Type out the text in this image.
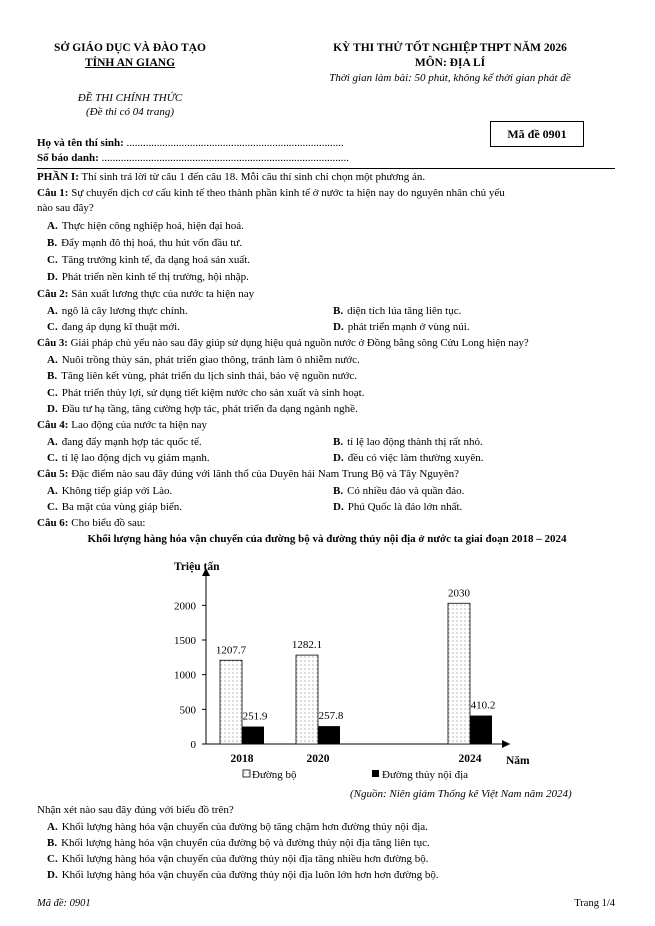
SỞ GIÁO DỤC VÀ ĐÀO TẠO
TỈNH AN GIANG
ĐỀ THI CHÍNH THỨC
(Đề thi có 04 trang)
KỲ THI THỬ TỐT NGHIỆP THPT NĂM 2026
MÔN: ĐỊA LÍ
Thời gian làm bài: 50 phút, không kể thời gian phát đề
Mã đề 0901
Họ và tên thí sinh: ...............................................................................
Số báo danh: ..........................................................................................
PHẦN I: Thí sinh trả lời từ câu 1 đến câu 18. Mỗi câu thí sinh chỉ chọn một phương án.
Câu 1: Sự chuyển dịch cơ cấu kinh tế theo thành phần kinh tế ở nước ta hiện nay do nguyên nhân chủ yếu
nào sau đây?
A. Thực hiện công nghiệp hoá, hiện đại hoá.
B. Đẩy mạnh đô thị hoá, thu hút vốn đầu tư.
C. Tăng trưởng kinh tế, đa dạng hoá sản xuất.
D. Phát triển nền kinh tế thị trường, hội nhập.
Câu 2: Sản xuất lương thực của nước ta hiện nay
A. ngô là cây lương thực chính.	B. diện tích lúa tăng liên tục.
C. đang áp dụng kĩ thuật mới.	D. phát triển mạnh ở vùng núi.
Câu 3: Giải pháp chủ yếu nào sau đây giúp sử dụng hiệu quả nguồn nước ở Đồng bằng sông Cửu Long hiện nay?
A. Nuôi trồng thủy sản, phát triển giao thông, tránh làm ô nhiễm nước.
B. Tăng liên kết vùng, phát triển du lịch sinh thái, bảo vệ nguồn nước.
C. Phát triển thủy lợi, sử dụng tiết kiệm nước cho sản xuất và sinh hoạt.
D. Đầu tư hạ tầng, tăng cường hợp tác, phát triển đa dạng ngành nghề.
Câu 4: Lao động của nước ta hiện nay
A. đang đẩy mạnh hợp tác quốc tế.	B. tỉ lệ lao động thành thị rất nhỏ.
C. tỉ lệ lao động dịch vụ giảm mạnh.	D. đều có việc làm thường xuyên.
Câu 5: Đặc điểm nào sau đây đúng với lãnh thổ của Duyên hải Nam Trung Bộ và Tây Nguyên?
A. Không tiếp giáp với Lào.	B. Có nhiều đảo và quần đảo.
C. Ba mặt của vùng giáp biển.	D. Phú Quốc là đảo lớn nhất.
Câu 6: Cho biểu đồ sau:
Khối lượng hàng hóa vận chuyển của đường bộ và đường thủy nội địa ở nước ta giai đoạn 2018 – 2024
0
500
1000
1500
2000
Triệu tấn
Năm
1207.7
251.9
2018
1282.1
257.8
2020
2030
410.2
2024
Đường bộ	Đường thủy nội địa
(Nguồn: Niên giám Thống kê Việt Nam năm 2024)
Nhận xét nào sau đây đúng với biểu đồ trên?
A. Khối lượng hàng hóa vận chuyển của đường bộ tăng chậm hơn đường thủy nội địa.
B. Khối lượng hàng hóa vận chuyển của đường bộ và đường thủy nội địa tăng liên tục.
C. Khối lượng hàng hóa vận chuyển của đường thủy nội địa tăng nhiều hơn đường bộ.
D. Khối lượng hàng hóa vận chuyển của đường thủy nội địa luôn lớn hơn hơn đường bộ.
Mã đề: 0901	Trang 1/4
